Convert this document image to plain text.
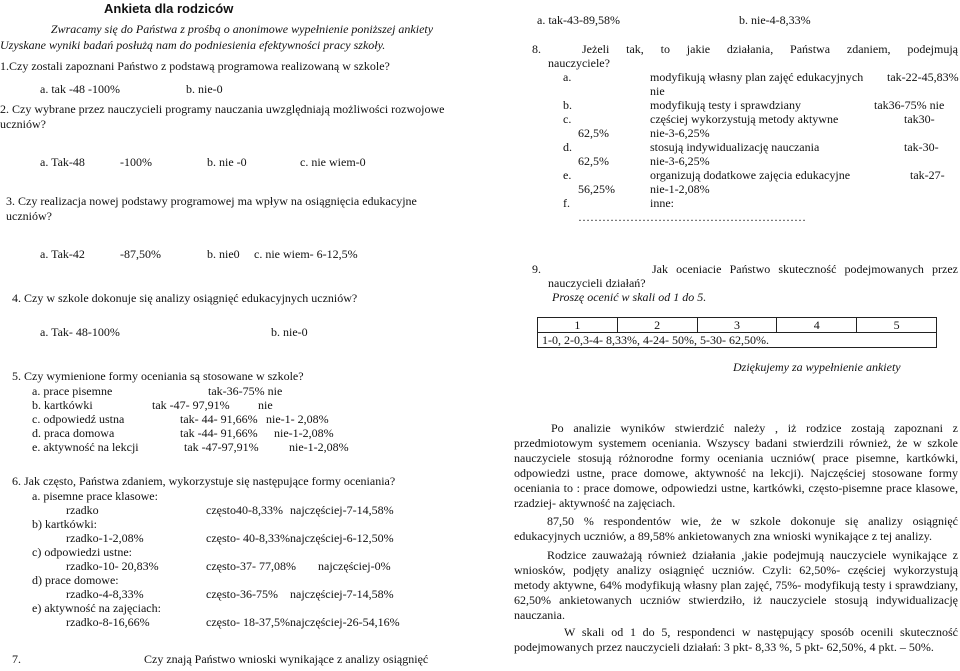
Ankieta dla rodziców
Zwracamy się do Państwa z prośbą o anonimowe wypełnienie poniższej ankiety
Uzyskane wyniki badań posłużą nam do podniesienia efektywności pracy szkoły.
1.Czy zostali zapoznani Państwo z podstawą programowa realizowaną w szkole?
a. tak -48 -100%	b. nie-0
2. Czy wybrane przez nauczycieli programy nauczania uwzględniają możliwości rozwojowe
uczniów?
a. Tak-48	-100%	b. nie -0	c. nie wiem-0
3. Czy realizacja nowej podstawy programowej ma wpływ na osiągnięcia edukacyjne
uczniów?
a. Tak-42	-87,50%	b. nie0 c. nie wiem- 6-12,5%
4. Czy w szkole dokonuje się analizy osiągnięć edukacyjnych uczniów?
a. Tak- 48-100%	b. nie-0
5. Czy wymienione formy oceniania są stosowane w szkole?
a. prace pisemne	tak-36-75% nie
b. kartkówki	tak -47- 97,91% nie
c. odpowiedź ustna	tak- 44- 91,66% nie-1- 2,08%
d. praca domowa	tak -44- 91,66% nie-1-2,08%
e. aktywność na lekcji	tak -47-97,91%	nie-1-2,08%
6. Jak często, Państwa zdaniem, wykorzystuje się następujące formy oceniania?
a. pisemne prace klasowe:
rzadko	często40-8,33% najczęściej-7-14,58%
b) kartkówki:
rzadko-1-2,08%	często- 40-8,33% najczęściej-6-12,50%
c) odpowiedzi ustne:
rzadko-10- 20,83%	często-37- 77,08% najczęściej-0%
d) prace domowe:
rzadko-4-8,33%	często-36-75% najczęściej-7-14,58%
e) aktywność na zajęciach:
rzadko-8-16,66%	często- 18-37,5% najczęściej-26-54,16%
7.	Czy znają Państwo wnioski wynikające z analizy osiągnięć
a. tak-43-89,58%	b. nie-4-8,33%
8.	Jeżeli tak, to jakie działania, Państwa zdaniem, podejmują
nauczyciele?
a.	modyfikują własny plan zajęć edukacyjnych tak-22-45,83%
nie
b.	modyfikują testy i sprawdziany	tak36-75% nie
c.	częściej wykorzystują metody aktywne	tak30-
62,5%	nie-3-6,25%
d.	stosują indywidualizację nauczania	tak-30-
62,5%	nie-3-6,25%
e.	organizują dodatkowe zajęcia edukacyjne	tak-27-
56,25%	nie-1-2,08%
f.	inne:
…………………………………………………
9.	Jak oceniacie Państwo skuteczność podejmowanych przez
nauczycieli działań?
Proszę ocenić w skali od 1 do 5.
1	2	3	4	5
1-0, 2-0,3-4- 8,33%, 4-24- 50%, 5-30- 62,50%.
Dziękujemy za wypełnienie ankiety
Po analizie wyników stwierdzić należy , iż rodzice zostają zapoznani z przedmiotowym systemem oceniania. Wszyscy badani stwierdzili również, że w szkole nauczyciele stosują różnorodne formy oceniania uczniów( prace pisemne, kartkówki, odpowiedzi ustne, prace domowe, aktywność na lekcji). Najczęściej stosowane formy oceniania to : prace domowe, odpowiedzi ustne, kartkówki, często-pisemne prace klasowe, rzadziej- aktywność na zajęciach.
87,50 % respondentów wie, że w szkole dokonuje się analizy osiągnięć edukacyjnych uczniów, a 89,58% ankietowanych zna wnioski wynikające z tej analizy.
Rodzice zauważają również działania ,jakie podejmują nauczyciele wynikające z wniosków, podjęty analizy osiągnięć uczniów. Czyli: 62,50%- częściej wykorzystują metody aktywne, 64% modyfikują własny plan zajęć, 75%- modyfikują testy i sprawdziany, 62,50% ankietowanych uczniów stwierdziło, iż nauczyciele stosują indywidualizację nauczania.
W skali od 1 do 5, respondenci w następujący sposób ocenili skuteczność podejmowanych przez nauczycieli działań: 3 pkt- 8,33 %, 5 pkt- 62,50%, 4 pkt. – 50%.
